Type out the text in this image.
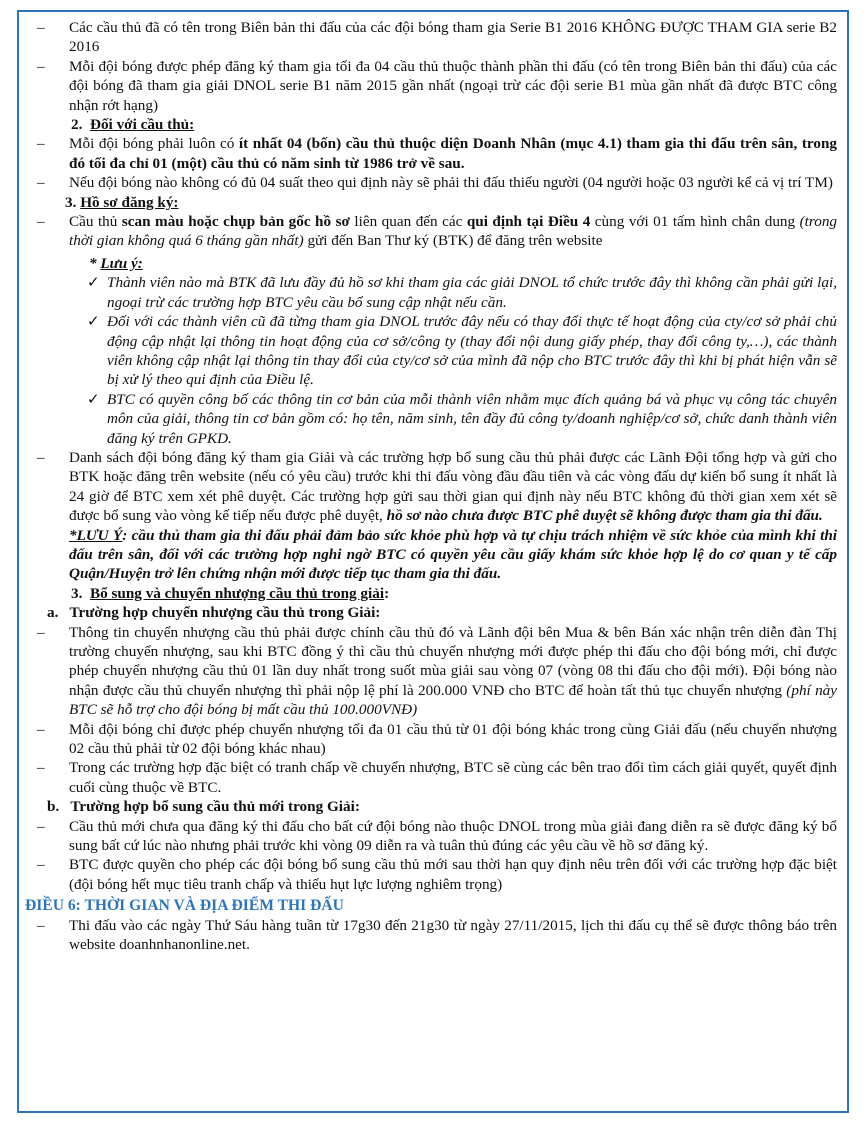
– Các cầu thủ đã có tên trong Biên bản thi đấu của các đội bóng tham gia Serie B1 2016 KHÔNG ĐƯỢC THAM GIA serie B2 2016
– Mỗi đội bóng được phép đăng ký tham gia tối đa 04 cầu thủ thuộc thành phần thi đấu (có tên trong Biên bản thi đấu) của các đội bóng đã tham gia giải DNOL serie B1 năm 2015 gần nhất (ngoại trừ các đội serie B1 mùa gần nhất đã được BTC công nhận rớt hạng)
2. Đối với cầu thủ:
– Mỗi đội bóng phải luôn có ít nhất 04 (bốn) cầu thủ thuộc diện Doanh Nhân (mục 4.1) tham gia thi đấu trên sân, trong đó tối đa chỉ 01 (một) cầu thủ có năm sinh từ 1986 trở về sau.
– Nếu đội bóng nào không có đủ 04 suất theo qui định này sẽ phải thi đấu thiếu người (04 người hoặc 03 người kể cả vị trí TM)
3. Hồ sơ đăng ký:
– Cầu thủ scan màu hoặc chụp bản gốc hồ sơ liên quan đến các qui định tại Điều 4 cùng với 01 tấm hình chân dung (trong thời gian không quá 6 tháng gần nhất) gửi đến Ban Thư ký (BTK) để đăng trên website
* Lưu ý:
✓ Thành viên nào mà BTK đã lưu đầy đủ hồ sơ khi tham gia các giải DNOL tổ chức trước đây thì không cần phải gửi lại, ngoại trừ các trường hợp BTC yêu cầu bổ sung cập nhật nếu cần.
✓ Đối với các thành viên cũ đã từng tham gia DNOL trước đây nếu có thay đổi thực tế hoạt động của cty/cơ sở phải chủ động cập nhật lại thông tin hoạt động của cơ sở/công ty (thay đổi nội dung giấy phép, thay đổi công ty,…), các thành viên không cập nhật lại thông tin thay đổi của cty/cơ sở của mình đã nộp cho BTC trước đây thì khi bị phát hiện vẫn sẽ bị xử lý theo qui định của Điều lệ.
✓ BTC có quyền công bố các thông tin cơ bản của mỗi thành viên nhằm mục đích quảng bá và phục vụ công tác chuyên môn của giải, thông tin cơ bản gồm có: họ tên, năm sinh, tên đầy đủ công ty/doanh nghiệp/cơ sở, chức danh thành viên đăng ký trên GPKD.
– Danh sách đội bóng đăng ký tham gia Giải và các trường hợp bổ sung cầu thủ phải được các Lãnh Đội tổng hợp và gửi cho BTK hoặc đăng trên website (nếu có yêu cầu) trước khi thi đấu vòng đầu đầu tiên và các vòng đấu dự kiến bổ sung ít nhất là 24 giờ để BTC xem xét phê duyệt. Các trường hợp gửi sau thời gian qui định này nếu BTC không đủ thời gian xem xét sẽ được bổ sung vào vòng kế tiếp nếu được phê duyệt, hồ sơ nào chưa được BTC phê duyệt sẽ không được tham gia thi đấu.
*LƯU Ý: cầu thủ tham gia thi đấu phải đảm bảo sức khỏe phù hợp và tự chịu trách nhiệm về sức khỏe của mình khi thi đấu trên sân, đối với các trường hợp nghi ngờ BTC có quyền yêu cầu giấy khám sức khỏe hợp lệ do cơ quan y tế cấp Quận/Huyện trở lên chứng nhận mới được tiếp tục tham gia thi đấu.
3. Bổ sung và chuyển nhượng cầu thủ trong giải:
a. Trường hợp chuyển nhượng cầu thủ trong Giải:
– Thông tin chuyển nhượng cầu thủ phải được chính cầu thủ đó và Lãnh đội bên Mua & bên Bán xác nhận trên diễn đàn Thị trường chuyển nhượng, sau khi BTC đồng ý thì cầu thủ chuyển nhượng mới được phép thi đấu cho đội bóng mới, chỉ được phép chuyển nhượng cầu thủ 01 lần duy nhất trong suốt mùa giải sau vòng 07 (vòng 08 thi đấu cho đội mới). Đội bóng nào nhận được cầu thủ chuyển nhượng thì phải nộp lệ phí là 200.000 VNĐ cho BTC để hoàn tất thủ tục chuyển nhượng (phí này BTC sẽ hỗ trợ cho đội bóng bị mất cầu thủ 100.000VNĐ)
– Mỗi đội bóng chỉ được phép chuyển nhượng tối đa 01 cầu thủ từ 01 đội bóng khác trong cùng Giải đấu (nếu chuyển nhượng 02 cầu thủ phải từ 02 đội bóng khác nhau)
– Trong các trường hợp đặc biệt có tranh chấp về chuyển nhượng, BTC sẽ cùng các bên trao đổi tìm cách giải quyết, quyết định cuối cùng thuộc về BTC.
b. Trường hợp bổ sung cầu thủ mới trong Giải:
– Cầu thủ mới chưa qua đăng ký thi đấu cho bất cứ đội bóng nào thuộc DNOL trong mùa giải đang diễn ra sẽ được đăng ký bổ sung bất cứ lúc nào nhưng phải trước khi vòng 09 diễn ra và tuân thủ đúng các yêu cầu về hồ sơ đăng ký.
– BTC được quyền cho phép các đội bóng bổ sung cầu thủ mới sau thời hạn quy định nêu trên đối với các trường hợp đặc biệt (đội bóng hết mục tiêu tranh chấp và thiếu hụt lực lượng nghiêm trọng)
ĐIỀU 6: THỜI GIAN VÀ ĐỊA ĐIỂM THI ĐẤU
– Thi đấu vào các ngày Thứ Sáu hàng tuần từ 17g30 đến 21g30 từ ngày 27/11/2015, lịch thi đấu cụ thể sẽ được thông báo trên website doanhnhanonline.net.
